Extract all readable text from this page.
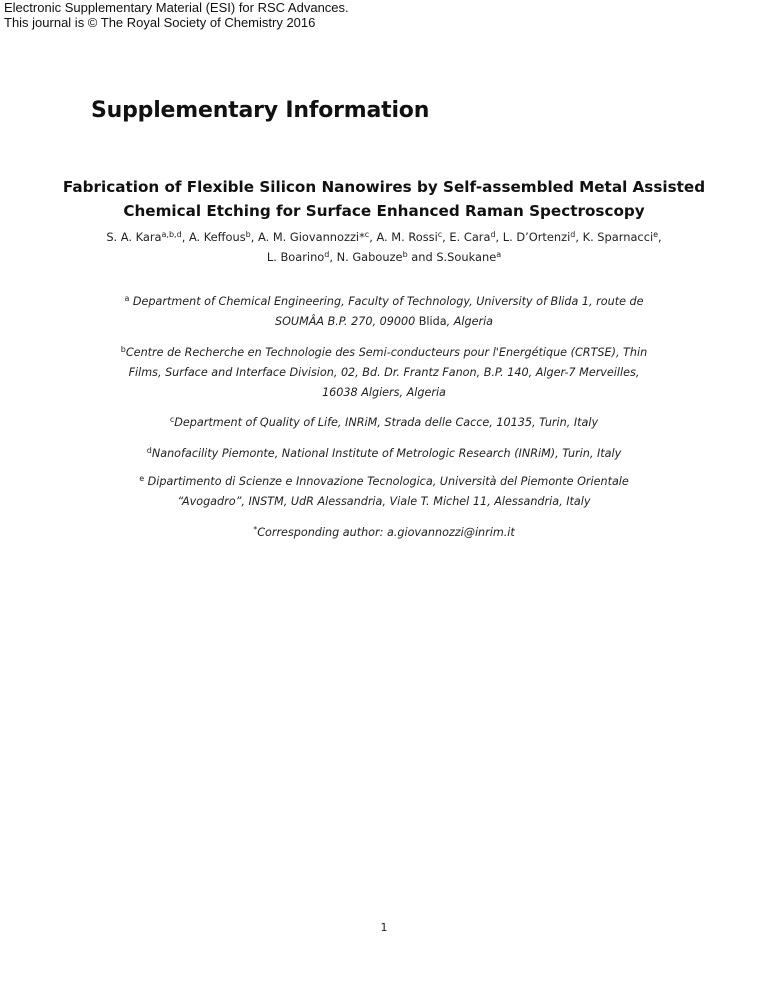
Electronic Supplementary Material (ESI) for RSC Advances.
This journal is © The Royal Society of Chemistry 2016
Supplementary Information
Fabrication of Flexible Silicon Nanowires by Self-assembled Metal Assisted
Chemical Etching for Surface Enhanced Raman Spectroscopy
S. A. Kara$^{a,b,d}$, A. Keffous$^b$, A. M. Giovannozzi*$^c$, A. M. Rossi$^c$, E. Cara$^d$, L. D’Ortenzi$^d$, K. Sparnacci$^e$,
L. Boarino$^d$, N. Gabouze$^b$ and S.Soukane$^a$
$^a$ Department of Chemical Engineering, Faculty of Technology, University of Blida 1, route de
SOUMÂA B.P. 270, 09000 Blida, Algeria
$^b$Centre de Recherche en Technologie des Semi-conducteurs pour l'Energétique (CRTSE), Thin
Films, Surface and Interface Division, 02, Bd. Dr. Frantz Fanon, B.P. 140, Alger-7 Merveilles,
16038 Algiers, Algeria
$^c$Department of Quality of Life, INRiM, Strada delle Cacce, 10135, Turin, Italy
$^d$Nanofacility Piemonte, National Institute of Metrologic Research (INRiM), Turin, Italy
$^e$ Dipartimento di Scienze e Innovazione Tecnologica, Università del Piemonte Orientale
“Avogadro”, INSTM, UdR Alessandria, Viale T. Michel 11, Alessandria, Italy
*Corresponding author: a.giovannozzi@inrim.it
1
